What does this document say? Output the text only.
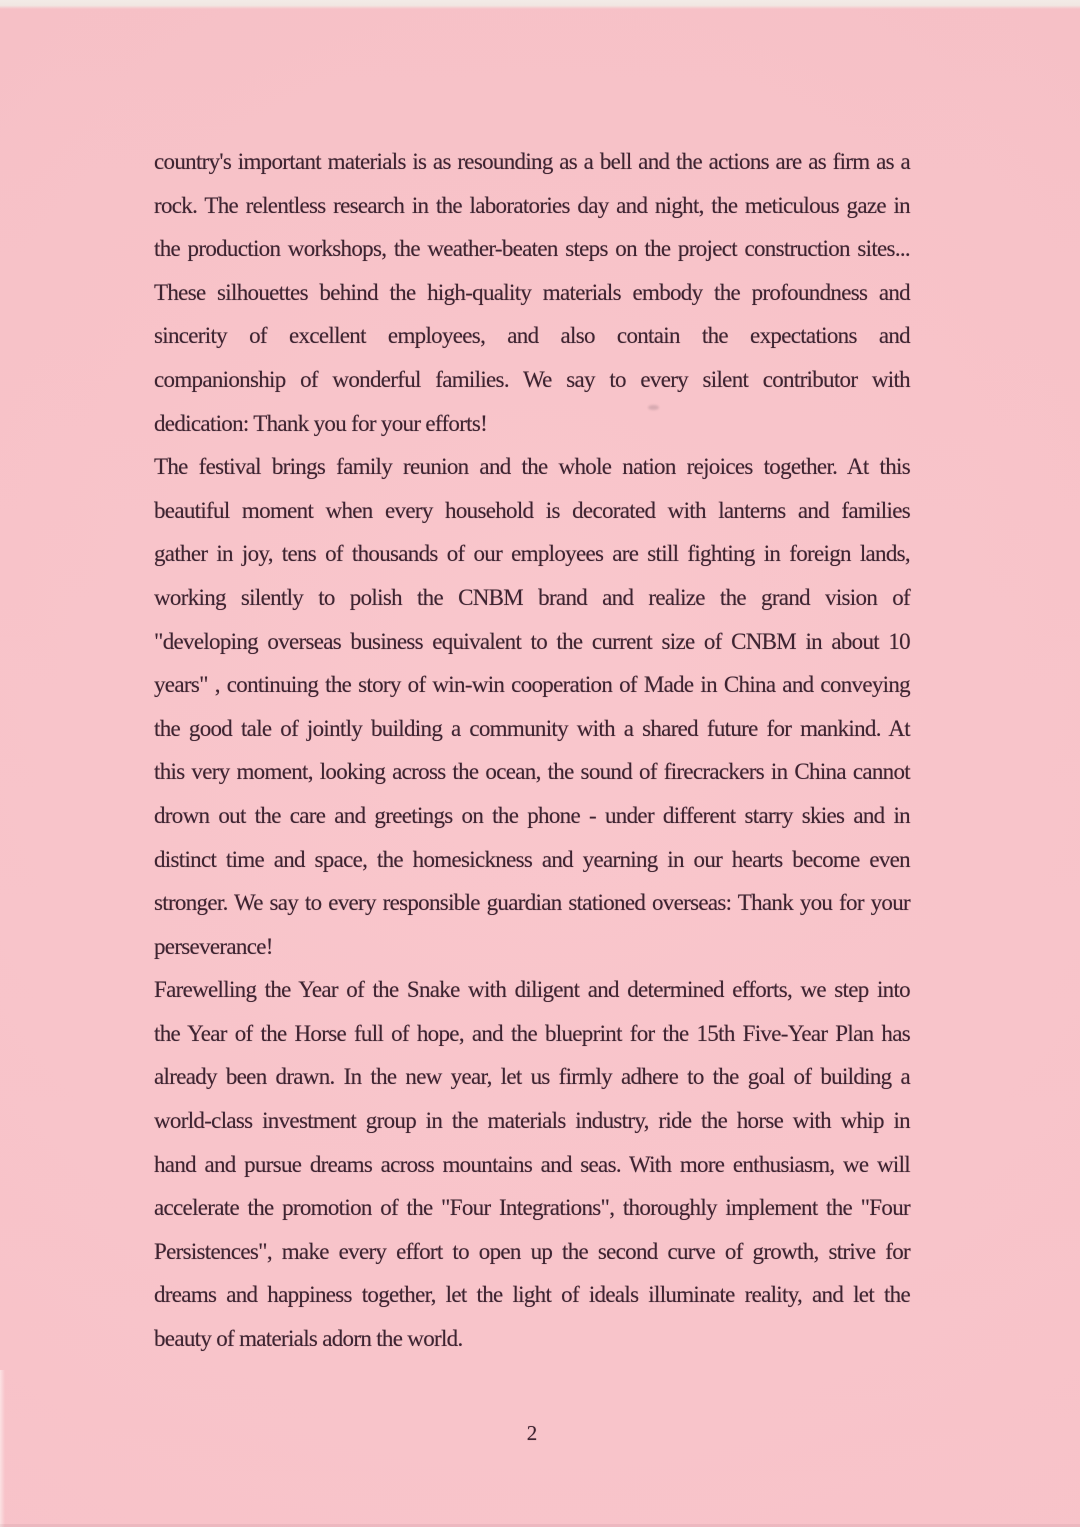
country's important materials is as resounding as a bell and the actions are as firm as a
rock. The relentless research in the laboratories day and night, the meticulous gaze in
the production workshops, the weather-beaten steps on the project construction sites...
These silhouettes behind the high-quality materials embody the profoundness and
sincerity of excellent employees, and also contain the expectations and
companionship of wonderful families. We say to every silent contributor with
dedication: Thank you for your efforts!
The festival brings family reunion and the whole nation rejoices together. At this
beautiful moment when every household is decorated with lanterns and families
gather in joy, tens of thousands of our employees are still fighting in foreign lands,
working silently to polish the CNBM brand and realize the grand vision of
"developing overseas business equivalent to the current size of CNBM in about 10
years" , continuing the story of win-win cooperation of Made in China and conveying
the good tale of jointly building a community with a shared future for mankind. At
this very moment, looking across the ocean, the sound of firecrackers in China cannot
drown out the care and greetings on the phone - under different starry skies and in
distinct time and space, the homesickness and yearning in our hearts become even
stronger. We say to every responsible guardian stationed overseas: Thank you for your
perseverance!
Farewelling the Year of the Snake with diligent and determined efforts, we step into
the Year of the Horse full of hope, and the blueprint for the 15th Five-Year Plan has
already been drawn. In the new year, let us firmly adhere to the goal of building a
world-class investment group in the materials industry, ride the horse with whip in
hand and pursue dreams across mountains and seas. With more enthusiasm, we will
accelerate the promotion of the "Four Integrations", thoroughly implement the "Four
Persistences", make every effort to open up the second curve of growth, strive for
dreams and happiness together, let the light of ideals illuminate reality, and let the
beauty of materials adorn the world.
2
